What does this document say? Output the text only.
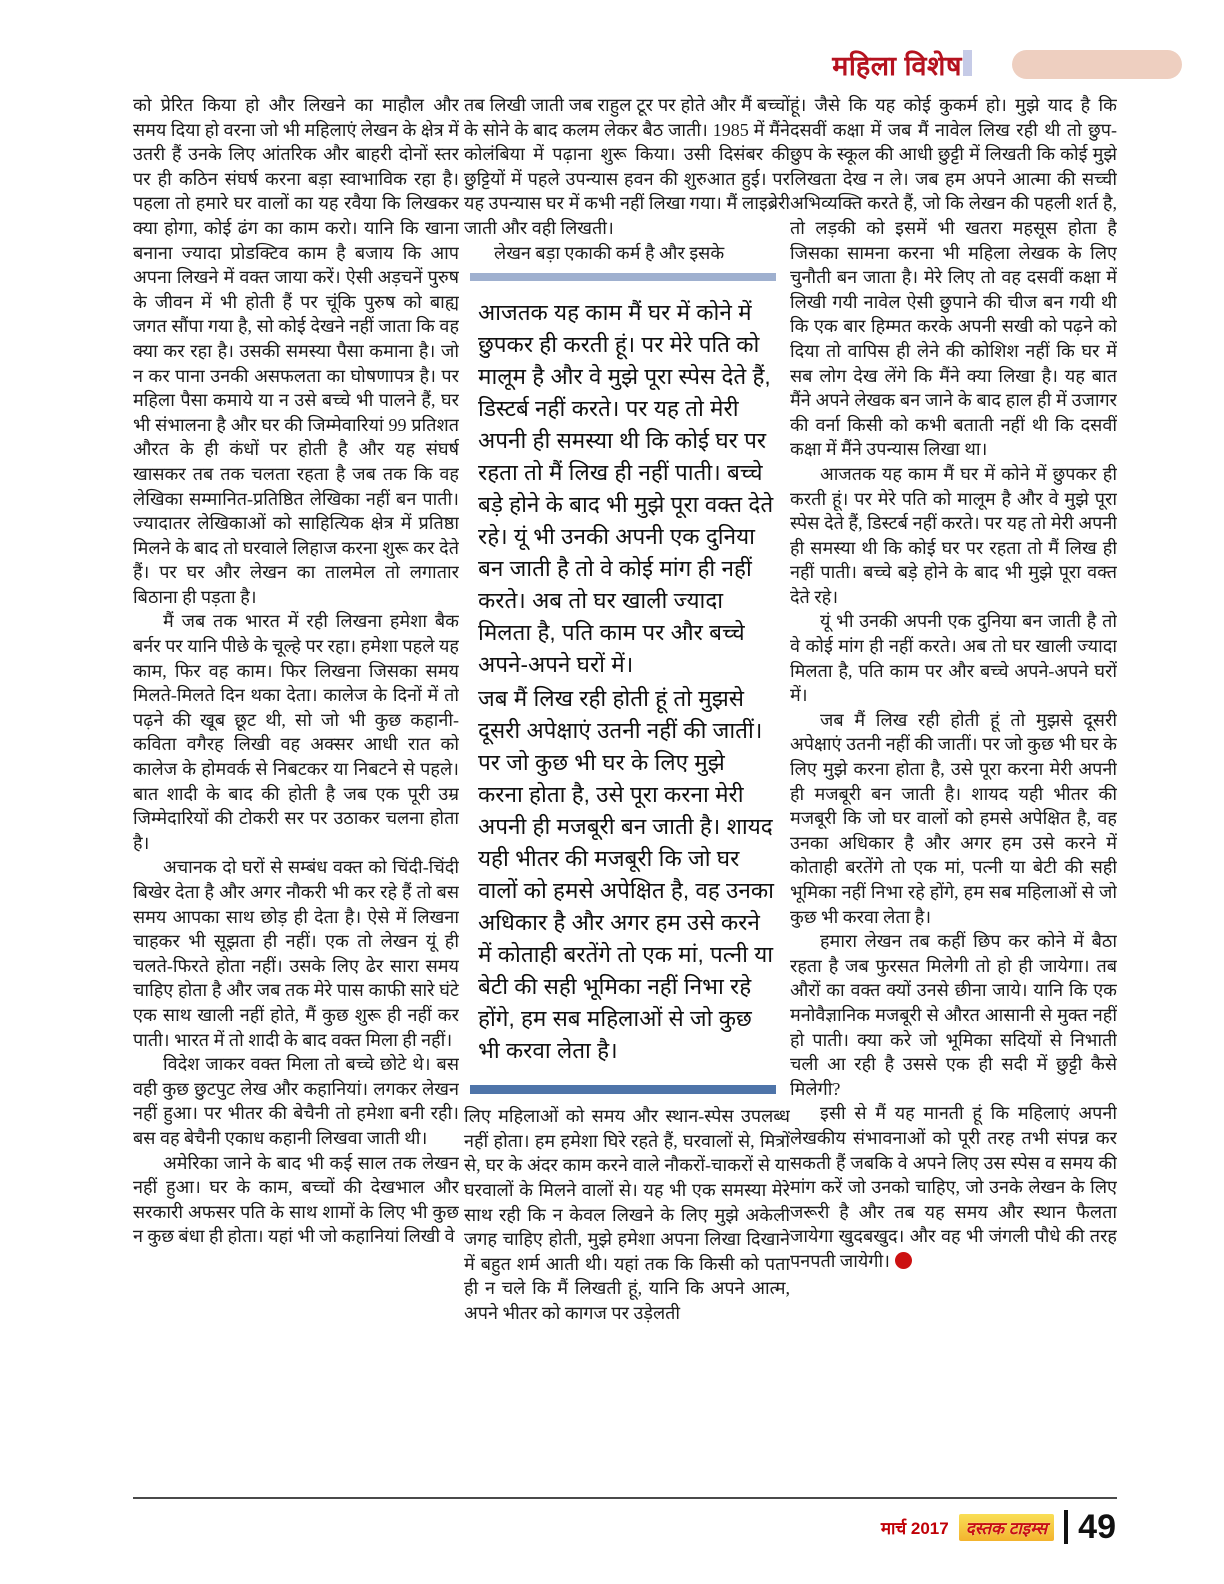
महिला विशेष

को प्रेरित किया हो और लिखने का माहौल और समय दिया हो वरना जो भी महिलाएं लेखन के क्षेत्र में उतरी हैं उनके लिए आंतरिक और बाहरी दोनों स्तर पर ही कठिन संघर्ष करना बड़ा स्वाभाविक रहा है। पहला तो हमारे घर वालों का यह रवैया कि लिखकर क्या होगा, कोई ढंग का काम करो। यानि कि खाना बनाना ज्यादा प्रोडक्टिव काम है बजाय कि आप अपना लिखने में वक्त जाया करें। ऐसी अड़चनें पुरुष के जीवन में भी होती हैं पर चूंकि पुरुष को बाह्य जगत सौंपा गया है, सो कोई देखने नहीं जाता कि वह क्या कर रहा है। उसकी समस्या पैसा कमाना है। जो न कर पाना उनकी असफलता का घोषणापत्र है। पर महिला पैसा कमाये या न उसे बच्चे भी पालने हैं, घर भी संभालना है और घर की जिम्मेवारियां 99 प्रतिशत औरत के ही कंधों पर होती है और यह संघर्ष खासकर तब तक चलता रहता है जब तक कि वह लेखिका सम्मानित-प्रतिष्ठित लेखिका नहीं बन पाती। ज्यादातर लेखिकाओं को साहित्यिक क्षेत्र में प्रतिष्ठा मिलने के बाद तो घरवाले लिहाज करना शुरू कर देते हैं। पर घर और लेखन का तालमेल तो लगातार बिठाना ही पड़ता है।

मैं जब तक भारत में रही लिखना हमेशा बैक बर्नर पर यानि पीछे के चूल्हे पर रहा। हमेशा पहले यह काम, फिर वह काम। फिर लिखना जिसका समय मिलते-मिलते दिन थका देता। कालेज के दिनों में तो पढ़ने की खूब छूट थी, सो जो भी कुछ कहानी-कविता वगैरह लिखी वह अक्सर आधी रात को कालेज के होमवर्क से निबटकर या निबटने से पहले। बात शादी के बाद की होती है जब एक पूरी उम्र जिम्मेदारियों की टोकरी सर पर उठाकर चलना होता है।

अचानक दो घरों से सम्बंध वक्त को चिंदी-चिंदी बिखेर देता है और अगर नौकरी भी कर रहे हैं तो बस समय आपका साथ छोड़ ही देता है। ऐसे में लिखना चाहकर भी सूझता ही नहीं। एक तो लेखन यूं ही चलते-फिरते होता नहीं। उसके लिए ढेर सारा समय चाहिए होता है और जब तक मेरे पास काफी सारे घंटे एक साथ खाली नहीं होते, मैं कुछ शुरू ही नहीं कर पाती। भारत में तो शादी के बाद वक्त मिला ही नहीं।

विदेश जाकर वक्त मिला तो बच्चे छोटे थे। बस वही कुछ छुटपुट लेख और कहानियां। लगकर लेखन नहीं हुआ। पर भीतर की बेचैनी तो हमेशा बनी रही। बस वह बेचैनी एकाध कहानी लिखवा जाती थी।

अमेरिका जाने के बाद भी कई साल तक लेखन नहीं हुआ। घर के काम, बच्चों की देखभाल और सरकारी अफसर पति के साथ शामों के लिए भी कुछ न कुछ बंधा ही होता। यहां भी जो कहानियां लिखी वे

तब लिखी जाती जब राहुल टूर पर होते और मैं बच्चों के सोने के बाद कलम लेकर बैठ जाती। 1985 में मैंने कोलंबिया में पढ़ाना शुरू किया। उसी दिसंबर की छुट्टियों में पहले उपन्यास हवन की शुरुआत हुई। पर यह उपन्यास घर में कभी नहीं लिखा गया। मैं लाइब्रेरी जाती और वही लिखती।

लेखन बड़ा एकाकी कर्म है और इसके

आजतक यह काम मैं घर में कोने में छुपकर ही करती हूं। पर मेरे पति को मालूम है और वे मुझे पूरा स्पेस देते हैं, डिस्टर्ब नहीं करते। पर यह तो मेरी अपनी ही समस्या थी कि कोई घर पर रहता तो मैं लिख ही नहीं पाती। बच्चे बड़े होने के बाद भी मुझे पूरा वक्त देते रहे। यूं भी उनकी अपनी एक दुनिया बन जाती है तो वे कोई मांग ही नहीं करते। अब तो घर खाली ज्यादा मिलता है, पति काम पर और बच्चे अपने-अपने घरों में।

जब मैं लिख रही होती हूं तो मुझसे दूसरी अपेक्षाएं उतनी नहीं की जातीं। पर जो कुछ भी घर के लिए मुझे करना होता है, उसे पूरा करना मेरी अपनी ही मजबूरी बन जाती है। शायद यही भीतर की मजबूरी कि जो घर वालों को हमसे अपेक्षित है, वह उनका अधिकार है और अगर हम उसे करने में कोताही बरतेंगे तो एक मां, पत्नी या बेटी की सही भूमिका नहीं निभा रहे होंगे, हम सब महिलाओं से जो कुछ भी करवा लेता है।

लिए महिलाओं को समय और स्थान-स्पेस उपलब्ध नहीं होता। हम हमेशा घिरे रहते हैं, घरवालों से, मित्रों से, घर के अंदर काम करने वाले नौकरों-चाकरों से या घरवालों के मिलने वालों से। यह भी एक समस्या मेरे साथ रही कि न केवल लिखने के लिए मुझे अकेली जगह चाहिए होती, मुझे हमेशा अपना लिखा दिखाने में बहुत शर्म आती थी। यहां तक कि किसी को पता ही न चले कि मैं लिखती हूं, यानि कि अपने आत्म, अपने भीतर को कागज पर उड़ेलती

हूं। जैसे कि यह कोई कुकर्म हो। मुझे याद है कि दसवीं कक्षा में जब मैं नावेल लिख रही थी तो छुप-छुप के स्कूल की आधी छुट्टी में लिखती कि कोई मुझे लिखता देख न ले। जब हम अपने आत्मा की सच्ची अभिव्यक्ति करते हैं, जो कि लेखन की पहली शर्त है, तो लड़की को इसमें भी खतरा महसूस होता है जिसका सामना करना भी महिला लेखक के लिए चुनौती बन जाता है। मेरे लिए तो वह दसवीं कक्षा में लिखी गयी नावेल ऐसी छुपाने की चीज बन गयी थी कि एक बार हिम्मत करके अपनी सखी को पढ़ने को दिया तो वापिस ही लेने की कोशिश नहीं कि घर में सब लोग देख लेंगे कि मैंने क्या लिखा है। यह बात मैंने अपने लेखक बन जाने के बाद हाल ही में उजागर की वर्ना किसी को कभी बताती नहीं थी कि दसवीं कक्षा में मैंने उपन्यास लिखा था।

आजतक यह काम मैं घर में कोने में छुपकर ही करती हूं। पर मेरे पति को मालूम है और वे मुझे पूरा स्पेस देते हैं, डिस्टर्ब नहीं करते। पर यह तो मेरी अपनी ही समस्या थी कि कोई घर पर रहता तो मैं लिख ही नहीं पाती। बच्चे बड़े होने के बाद भी मुझे पूरा वक्त देते रहे।

यूं भी उनकी अपनी एक दुनिया बन जाती है तो वे कोई मांग ही नहीं करते। अब तो घर खाली ज्यादा मिलता है, पति काम पर और बच्चे अपने-अपने घरों में।

जब मैं लिख रही होती हूं तो मुझसे दूसरी अपेक्षाएं उतनी नहीं की जातीं। पर जो कुछ भी घर के लिए मुझे करना होता है, उसे पूरा करना मेरी अपनी ही मजबूरी बन जाती है। शायद यही भीतर की मजबूरी कि जो घर वालों को हमसे अपेक्षित है, वह उनका अधिकार है और अगर हम उसे करने में कोताही बरतेंगे तो एक मां, पत्नी या बेटी की सही भूमिका नहीं निभा रहे होंगे, हम सब महिलाओं से जो कुछ भी करवा लेता है।

हमारा लेखन तब कहीं छिप कर कोने में बैठा रहता है जब फुरसत मिलेगी तो हो ही जायेगा। तब औरों का वक्त क्यों उनसे छीना जाये। यानि कि एक मनोवैज्ञानिक मजबूरी से औरत आसानी से मुक्त नहीं हो पाती। क्या करे जो भूमिका सदियों से निभाती चली आ रही है उससे एक ही सदी में छुट्टी कैसे मिलेगी?

इसी से मैं यह मानती हूं कि महिलाएं अपनी लेखकीय संभावनाओं को पूरी तरह तभी संपन्न कर सकती हैं जबकि वे अपने लिए उस स्पेस व समय की मांग करें जो उनको चाहिए, जो उनके लेखन के लिए जरूरी है और तब यह समय और स्थान फैलता जायेगा खुदबखुद। और वह भी जंगली पौधे की तरह पनपती जायेगी।

मार्च 2017	दस्तक टाइम्स 49
